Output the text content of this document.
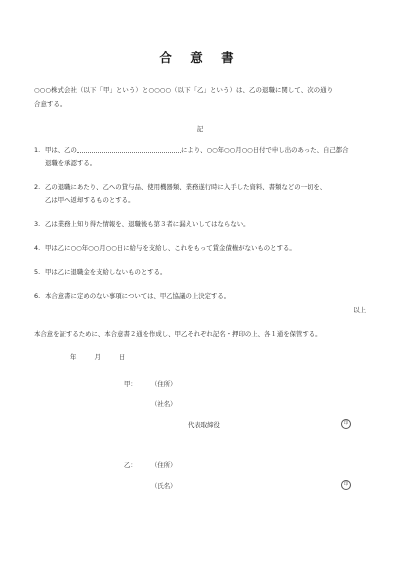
合 意 書
○○○株式会社（以下「甲」という）と○○○○（以下「乙」という）は、乙の退職に関して、次の通り
合意する。
記
1. 甲は、乙の	により、○○年○○月○○日付で申し出のあった、自己都合
退職を承認する。
2. 乙の退職にあたり、乙への貸与品、使用機器類、業務遂行時に入手した資料、書類などの一切を、
乙は甲へ返却するものとする。
3. 乙は業務上知り得た情報を、退職後も第３者に漏えいしてはならない。
4. 甲は乙に○○年○○月○○日に給与を支給し、これをもって賃金債権がないものとする。
5. 甲は乙に退職金を支給しないものとする。
6. 本合意書に定めのない事項については、甲乙協議の上決定する。
以上
本合意を証するために、本合意書２通を作成し、甲乙それぞれ記名・押印の上、各１通を保管する。
年	月	日
甲： （住所）
（社名）
代表取締役	印
乙： （住所）
（氏名）	印
